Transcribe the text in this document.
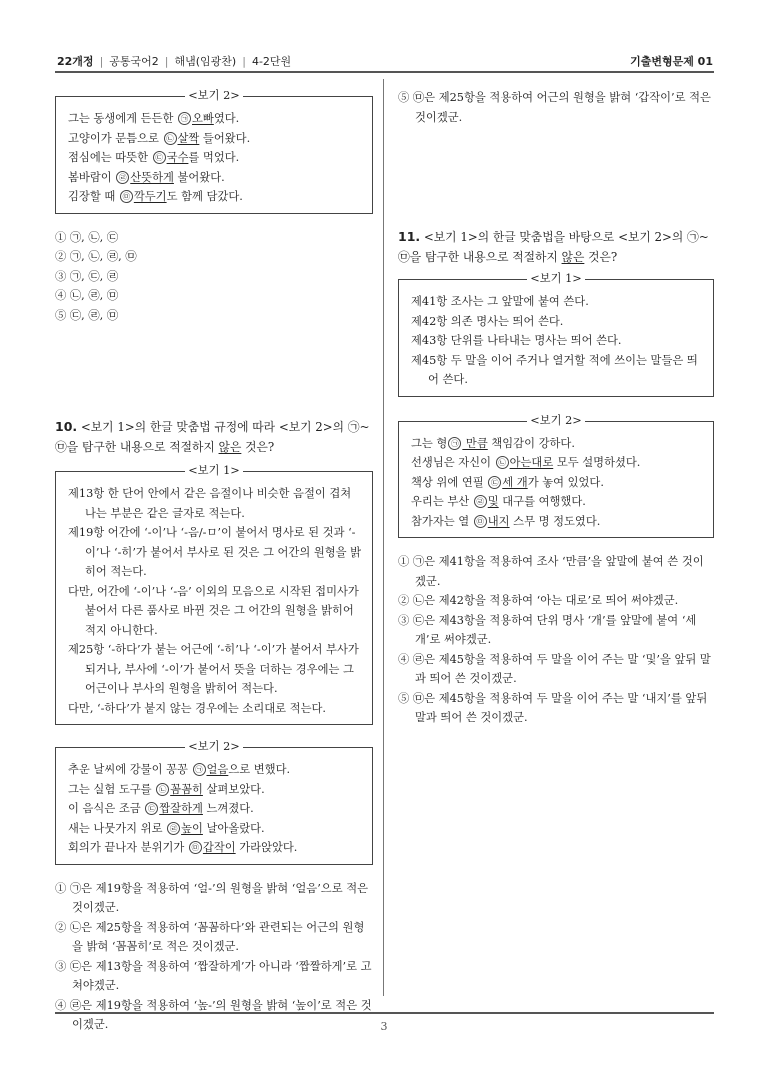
22개정 | 공통국어2 | 해냄(임광찬) | 4-2단원	기출변형문제 01
<보기 2>

그는 동생에게 든든한 ㉠ 오빠였다.

고양이가 문틈으로 ㉡ 살짝 들어왔다.

점심에는 따뜻한 ㉢ 국수를 먹었다.

봄바람이 ㉣ 산뜻하게 불어왔다.

김장할 때 ㉤ 깍두기도 함께 담갔다.

① ㉠, ㉡, ㉢
② ㉠, ㉡, ㉣, ㉤
③ ㉠, ㉢, ㉣
④ ㉡, ㉣, ㉤
⑤ ㉢, ㉣, ㉤

10. <보기 1>의 한글 맞춤법 규정에 따라 <보기 2>의 ㉠~㉤을 탐구한 내용으로 적절하지 않은 것은?

<보기 1>

제13항 한 단어 안에서 같은 음절이나 비슷한 음절이 겹쳐 나는 부분은 같은 글자로 적는다.

제19항 어간에 ‘-이’나 ‘-음/-ㅁ’이 붙어서 명사로 된 것과 ‘-이’나 ‘-히’가 붙어서 부사로 된 것은 그 어간의 원형을 밝히어 적는다.

다만, 어간에 ‘-이’나 ‘-음’ 이외의 모음으로 시작된 접미사가 붙어서 다른 품사로 바뀐 것은 그 어간의 원형을 밝히어 적지 아니한다.

제25항 ‘-하다’가 붙는 어근에 ‘-히’나 ‘-이’가 붙어서 부사가 되거나, 부사에 ‘-이’가 붙어서 뜻을 더하는 경우에는 그 어근이나 부사의 원형을 밝히어 적는다.

다만, ‘-하다’가 붙지 않는 경우에는 소리대로 적는다.

<보기 2>

추운 날씨에 강물이 꽁꽁 ㉠ 얼음으로 변했다.

그는 실험 도구를 ㉡ 꼼꼼히 살펴보았다.

이 음식은 조금 ㉢ 짭잘하게 느껴졌다.

새는 나뭇가지 위로 ㉣ 높이 날아올랐다.

회의가 끝나자 분위기가 ㉤ 갑작이 가라앉았다.

① ㉠은 제19항을 적용하여 ‘얼-’의 원형을 밝혀 ‘얼음’으로 적은 것이겠군.
② ㉡은 제25항을 적용하여 ‘꼼꼼하다’와 관련되는 어근의 원형을 밝혀 ‘꼼꼼히’로 적은 것이겠군.
③ ㉢은 제13항을 적용하여 ‘짭잘하게’가 아니라 ‘짭짤하게’로 고쳐야겠군.
④ ㉣은 제19항을 적용하여 ‘높-’의 원형을 밝혀 ‘높이’로 적은 것이겠군.
⑤ ㉤은 제25항을 적용하여 어근의 원형을 밝혀 ‘갑작이’로 적은 것이겠군.

11. <보기 1>의 한글 맞춤법을 바탕으로 <보기 2>의 ㉠~㉤을 탐구한 내용으로 적절하지 않은 것은?

<보기 1>

제41항 조사는 그 앞말에 붙여 쓴다.

제42항 의존 명사는 띄어 쓴다.

제43항 단위를 나타내는 명사는 띄어 쓴다.

제45항 두 말을 이어 주거나 열거할 적에 쓰이는 말들은 띄어 쓴다.

<보기 2>

그는 형 ㉠ 만큼 책임감이 강하다.

선생님은 자신이 ㉡ 아는대로 모두 설명하셨다.

책상 위에 연필 ㉢ 세 개가 놓여 있었다.

우리는 부산 ㉣ 및 대구를 여행했다.

참가자는 열 ㉤ 내지 스무 명 정도였다.

① ㉠은 제41항을 적용하여 조사 ‘만큼’을 앞말에 붙여 쓴 것이겠군.
② ㉡은 제42항을 적용하여 ‘아는 대로’로 띄어 써야겠군.
③ ㉢은 제43항을 적용하여 단위 명사 ‘개’를 앞말에 붙여 ‘세개’로 써야겠군.
④ ㉣은 제45항을 적용하여 두 말을 이어 주는 말 ‘및’을 앞뒤 말과 띄어 쓴 것이겠군.
⑤ ㉤은 제45항을 적용하여 두 말을 이어 주는 말 ‘내지’를 앞뒤 말과 띄어 쓴 것이겠군.
3
